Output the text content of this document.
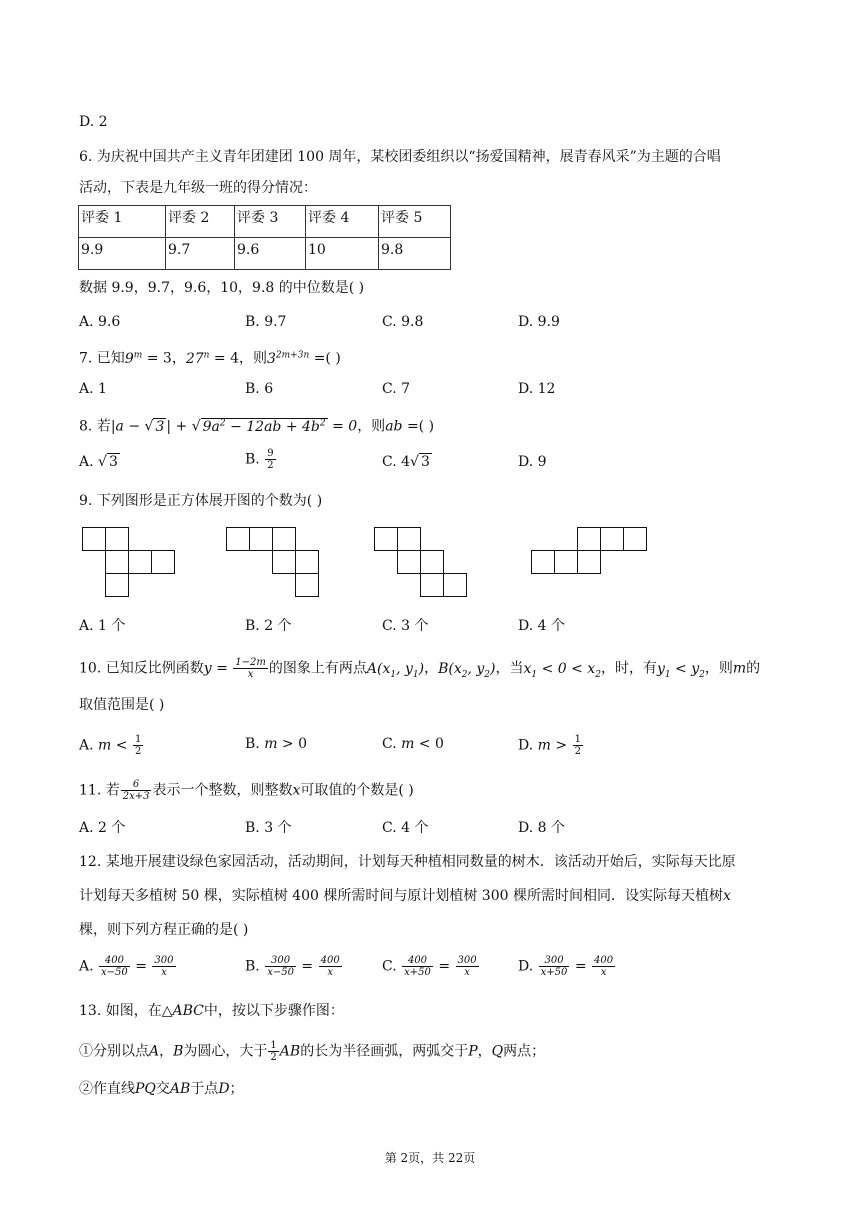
D. 2
6. 为庆祝中国共产主义青年团建团 100 周年，某校团委组织以“扬爱国精神，展青春风采”为主题的合唱
活动，下表是九年级一班的得分情况：
评委 1	评委 2	评委 3	评委 4	评委 5
9.9	9.7	9.6	10	9.8
数据 9.9，9.7，9.6，10，9.8 的中位数是( )
A. 9.6	B. 9.7	C. 9.8	D. 9.9
7. 已知$9^m = 3$，$27^n = 4$，则$3^{2m+3n}$ =( )
A. 1	B. 6	C. 7	D. 12
8. 若|a − √ 3 | + √ $9a^2 - 12ab + 4b^2 = 0$，则ab =( )
A. √ 3	B. $\frac{9}{2}$	C. 4√ 3	D. 9
9. 下列图形是正方体展开图的个数为( )
A. 1 个	B. 2 个	C. 3 个	D. 4 个
10. 已知反比例函数$y = \frac{1-2m}{x}$ 的图象上有两点$A(x_1$, $y_1$)，$B(x_2$, $y_2$)，当$x_1 < 0 < x_2$，时，有$y_1 < y_2$，则m的
取值范围是( )
A. $m < \frac{1}{2}$	B. m > 0	C. m < 0	D. $m > \frac{1}{2}$
11. 若 $\frac{6}{2x+3}$ 表示一个整数，则整数x可取值的个数是( )
A. 2 个	B. 3 个	C. 4 个	D. 8 个
12. 某地开展建设绿色家园活动，活动期间，计划每天种植相同数量的树木．该活动开始后，实际每天比原
计划每天多植树 50 棵，实际植树 400 棵所需时间与原计划植树 300 棵所需时间相同．设实际每天植树x
棵，则下列方程正确的是( )
A. $\frac{400}{x-50} = \frac{300}{x}$	B. $\frac{300}{x-50} = \frac{400}{x}$	C. $\frac{400}{x+50} = \frac{300}{x}$	D. $\frac{300}{x+50} = \frac{400}{x}$
13. 如图，在△ABC中，按以下步骤作图：
①分别以点A，B为圆心，大于 $\frac{1}{2}$ AB的长为半径画弧，两弧交于P，Q两点；
②作直线PQ交AB于点D；
第 2页，共 22页
